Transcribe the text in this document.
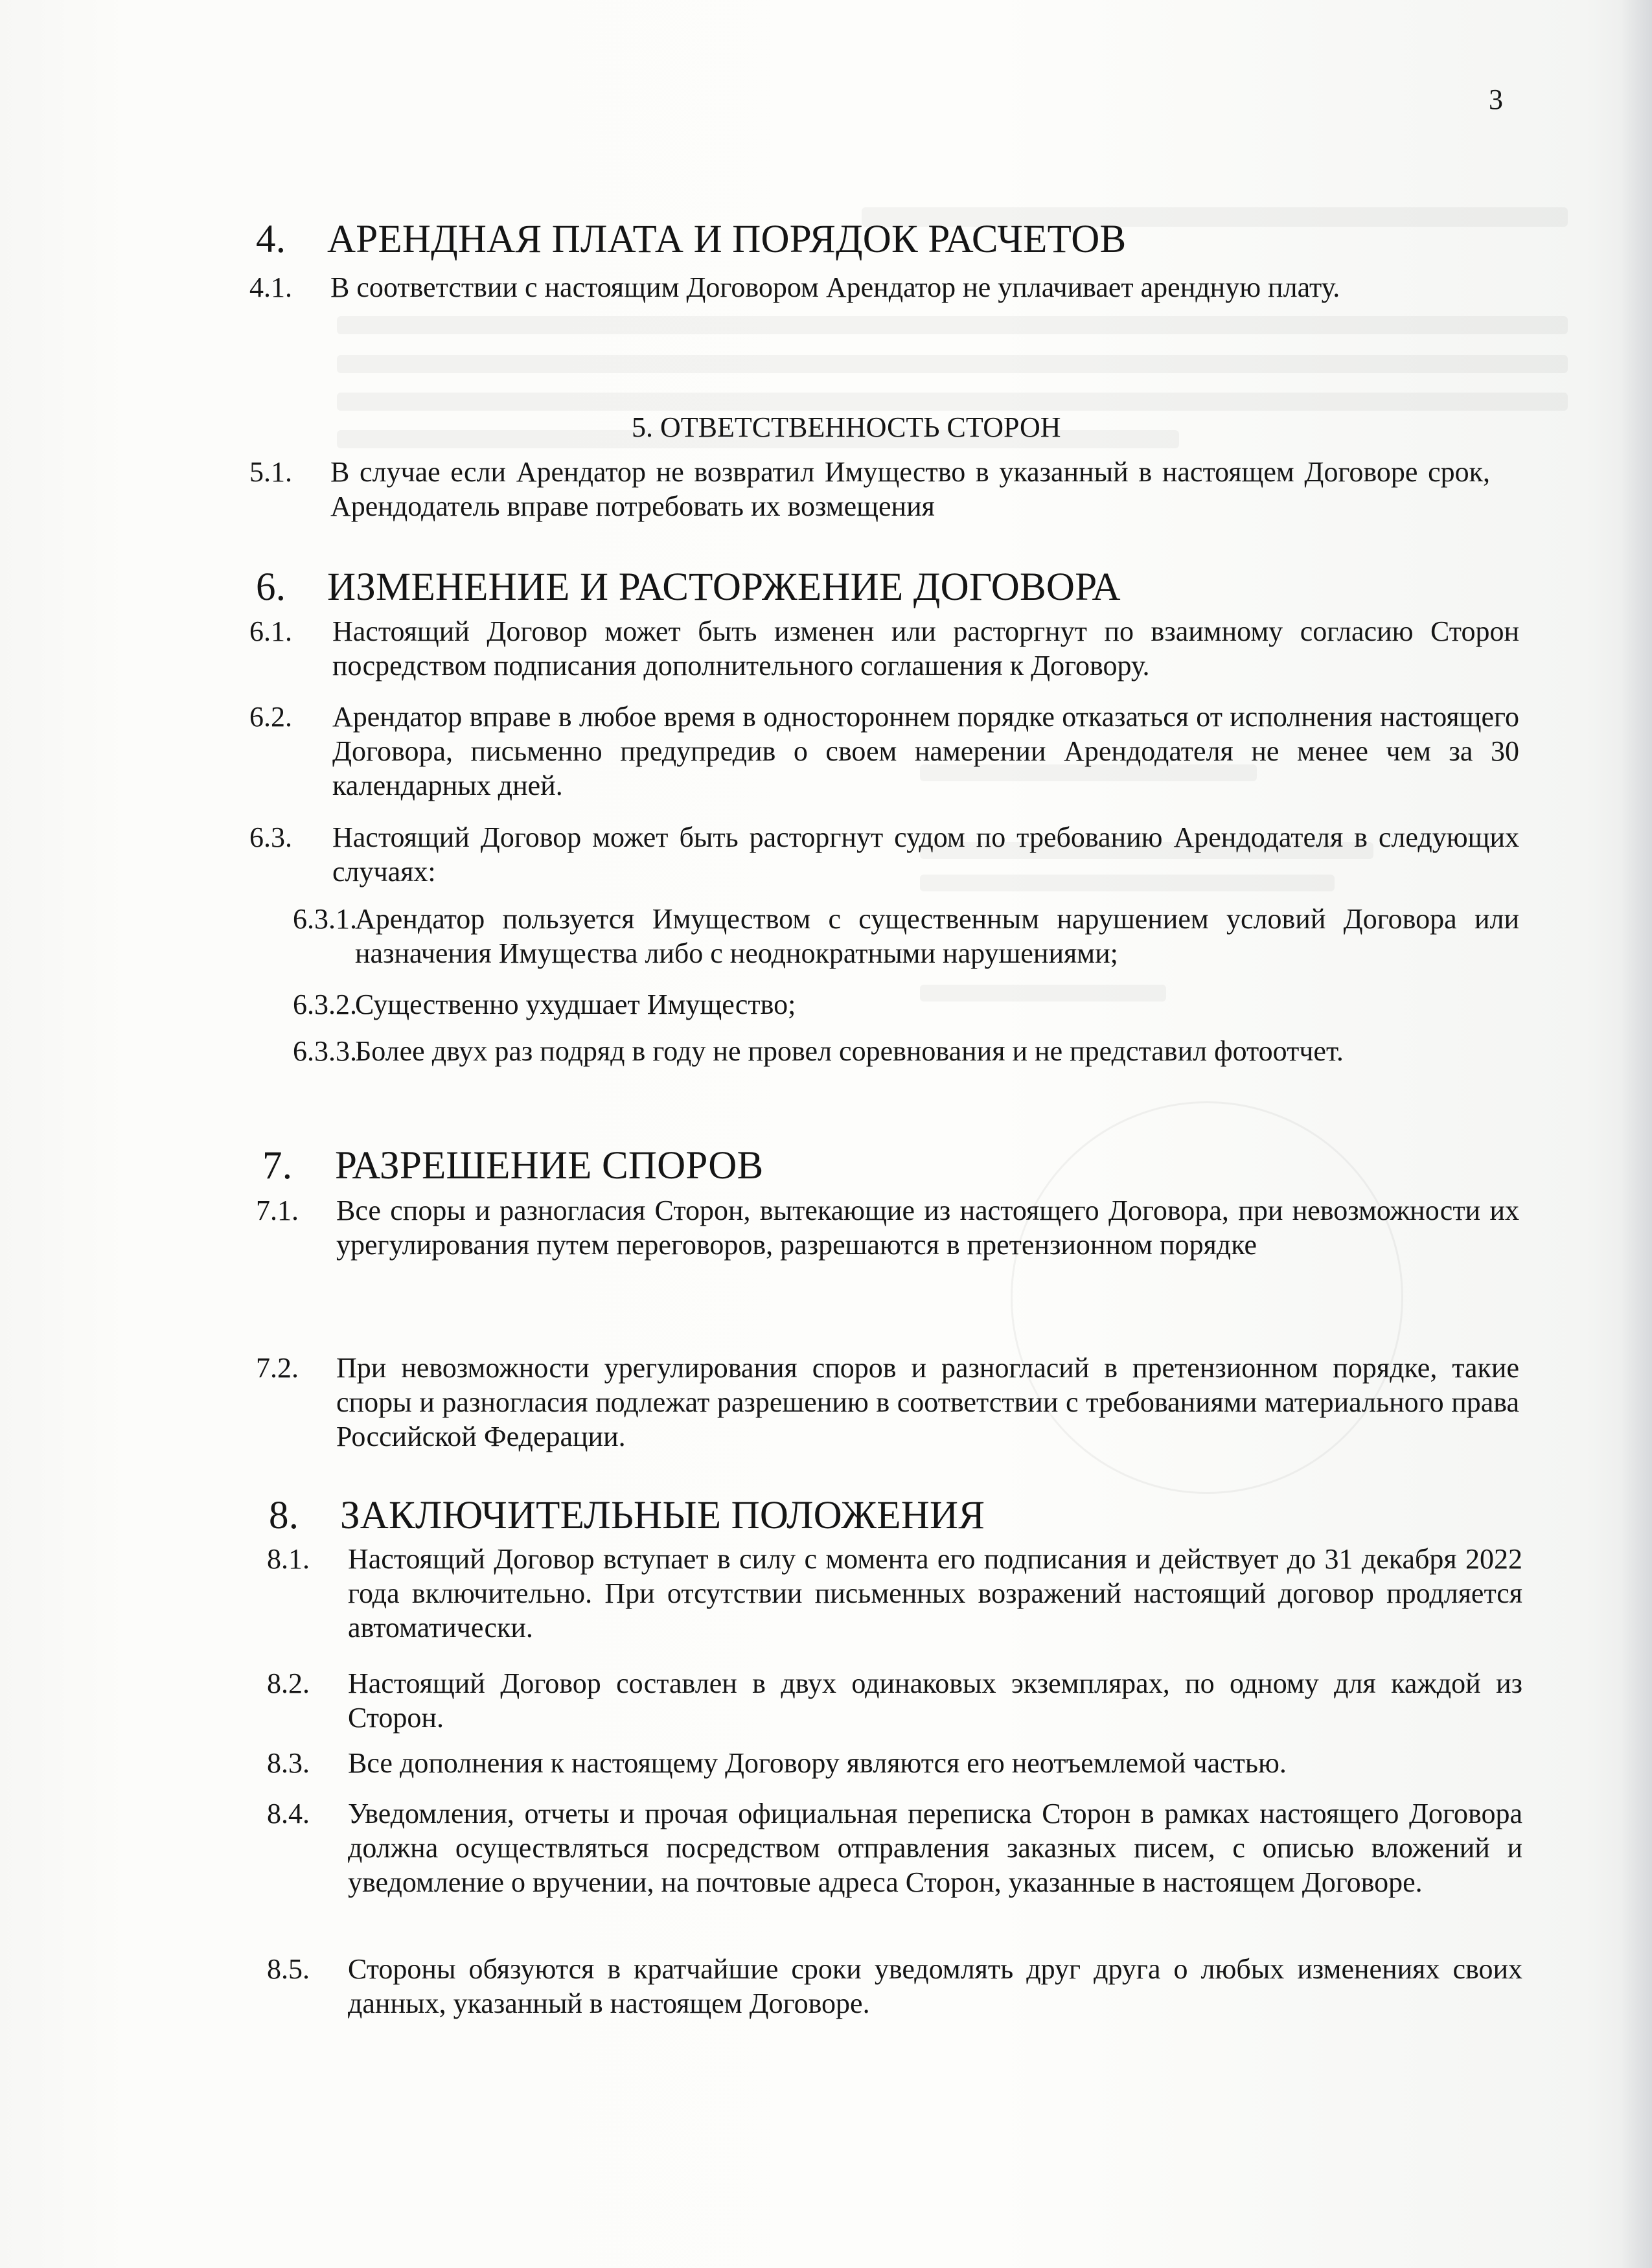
3
4. АРЕНДНАЯ ПЛАТА И ПОРЯДОК РАСЧЕТОВ
4.1. В соответствии с настоящим Договором Арендатор не уплачивает арендную плату.
5. ОТВЕТСТВЕННОСТЬ СТОРОН
5.1. В случае если Арендатор не возвратил Имущество в указанный в настоящем Договоре срок, Арендодатель вправе потребовать их возмещения
6. ИЗМЕНЕНИЕ И РАСТОРЖЕНИЕ ДОГОВОРА
6.1. Настоящий Договор может быть изменен или расторгнут по взаимному согласию Сторон посредством подписания дополнительного соглашения к Договору.
6.2. Арендатор вправе в любое время в одностороннем порядке отказаться от исполнения настоящего Договора, письменно предупредив о своем намерении Арендодателя не менее чем за 30 календарных дней.
6.3. Настоящий Договор может быть расторгнут судом по требованию Арендодателя в следующих случаях:
6.3.1.
Арендатор пользуется Имуществом с существенным нарушением условий Договора или назначения Имущества либо с неоднократными нарушениями;
6.3.2.
Существенно ухудшает Имущество;
6.3.3.
Более двух раз подряд в году не провел соревнования и не представил фотоотчет.
7. РАЗРЕШЕНИЕ СПОРОВ
7.1. Все споры и разногласия Сторон, вытекающие из настоящего Договора, при невозможности их урегулирования путем переговоров, разрешаются в претензионном порядке
7.2. При невозможности урегулирования споров и разногласий в претензионном порядке, такие споры и разногласия подлежат разрешению в соответствии с требованиями материального права Российской Федерации.
8. ЗАКЛЮЧИТЕЛЬНЫЕ ПОЛОЖЕНИЯ
8.1. Настоящий Договор вступает в силу с момента его подписания и действует до 31 декабря 2022 года включительно. При отсутствии письменных возражений настоящий договор продляется автоматически.
8.2. Настоящий Договор составлен в двух одинаковых экземплярах, по одному для каждой из Сторон.
8.3. Все дополнения к настоящему Договору являются его неотъемлемой частью.
8.4. Уведомления, отчеты и прочая официальная переписка Сторон в рамках настоящего Договора должна осуществляться посредством отправления заказных писем, с описью вложений и уведомление о вручении, на почтовые адреса Сторон, указанные в настоящем Договоре.
8.5. Стороны обязуются в кратчайшие сроки уведомлять друг друга о любых изменениях своих данных, указанный в настоящем Договоре.
